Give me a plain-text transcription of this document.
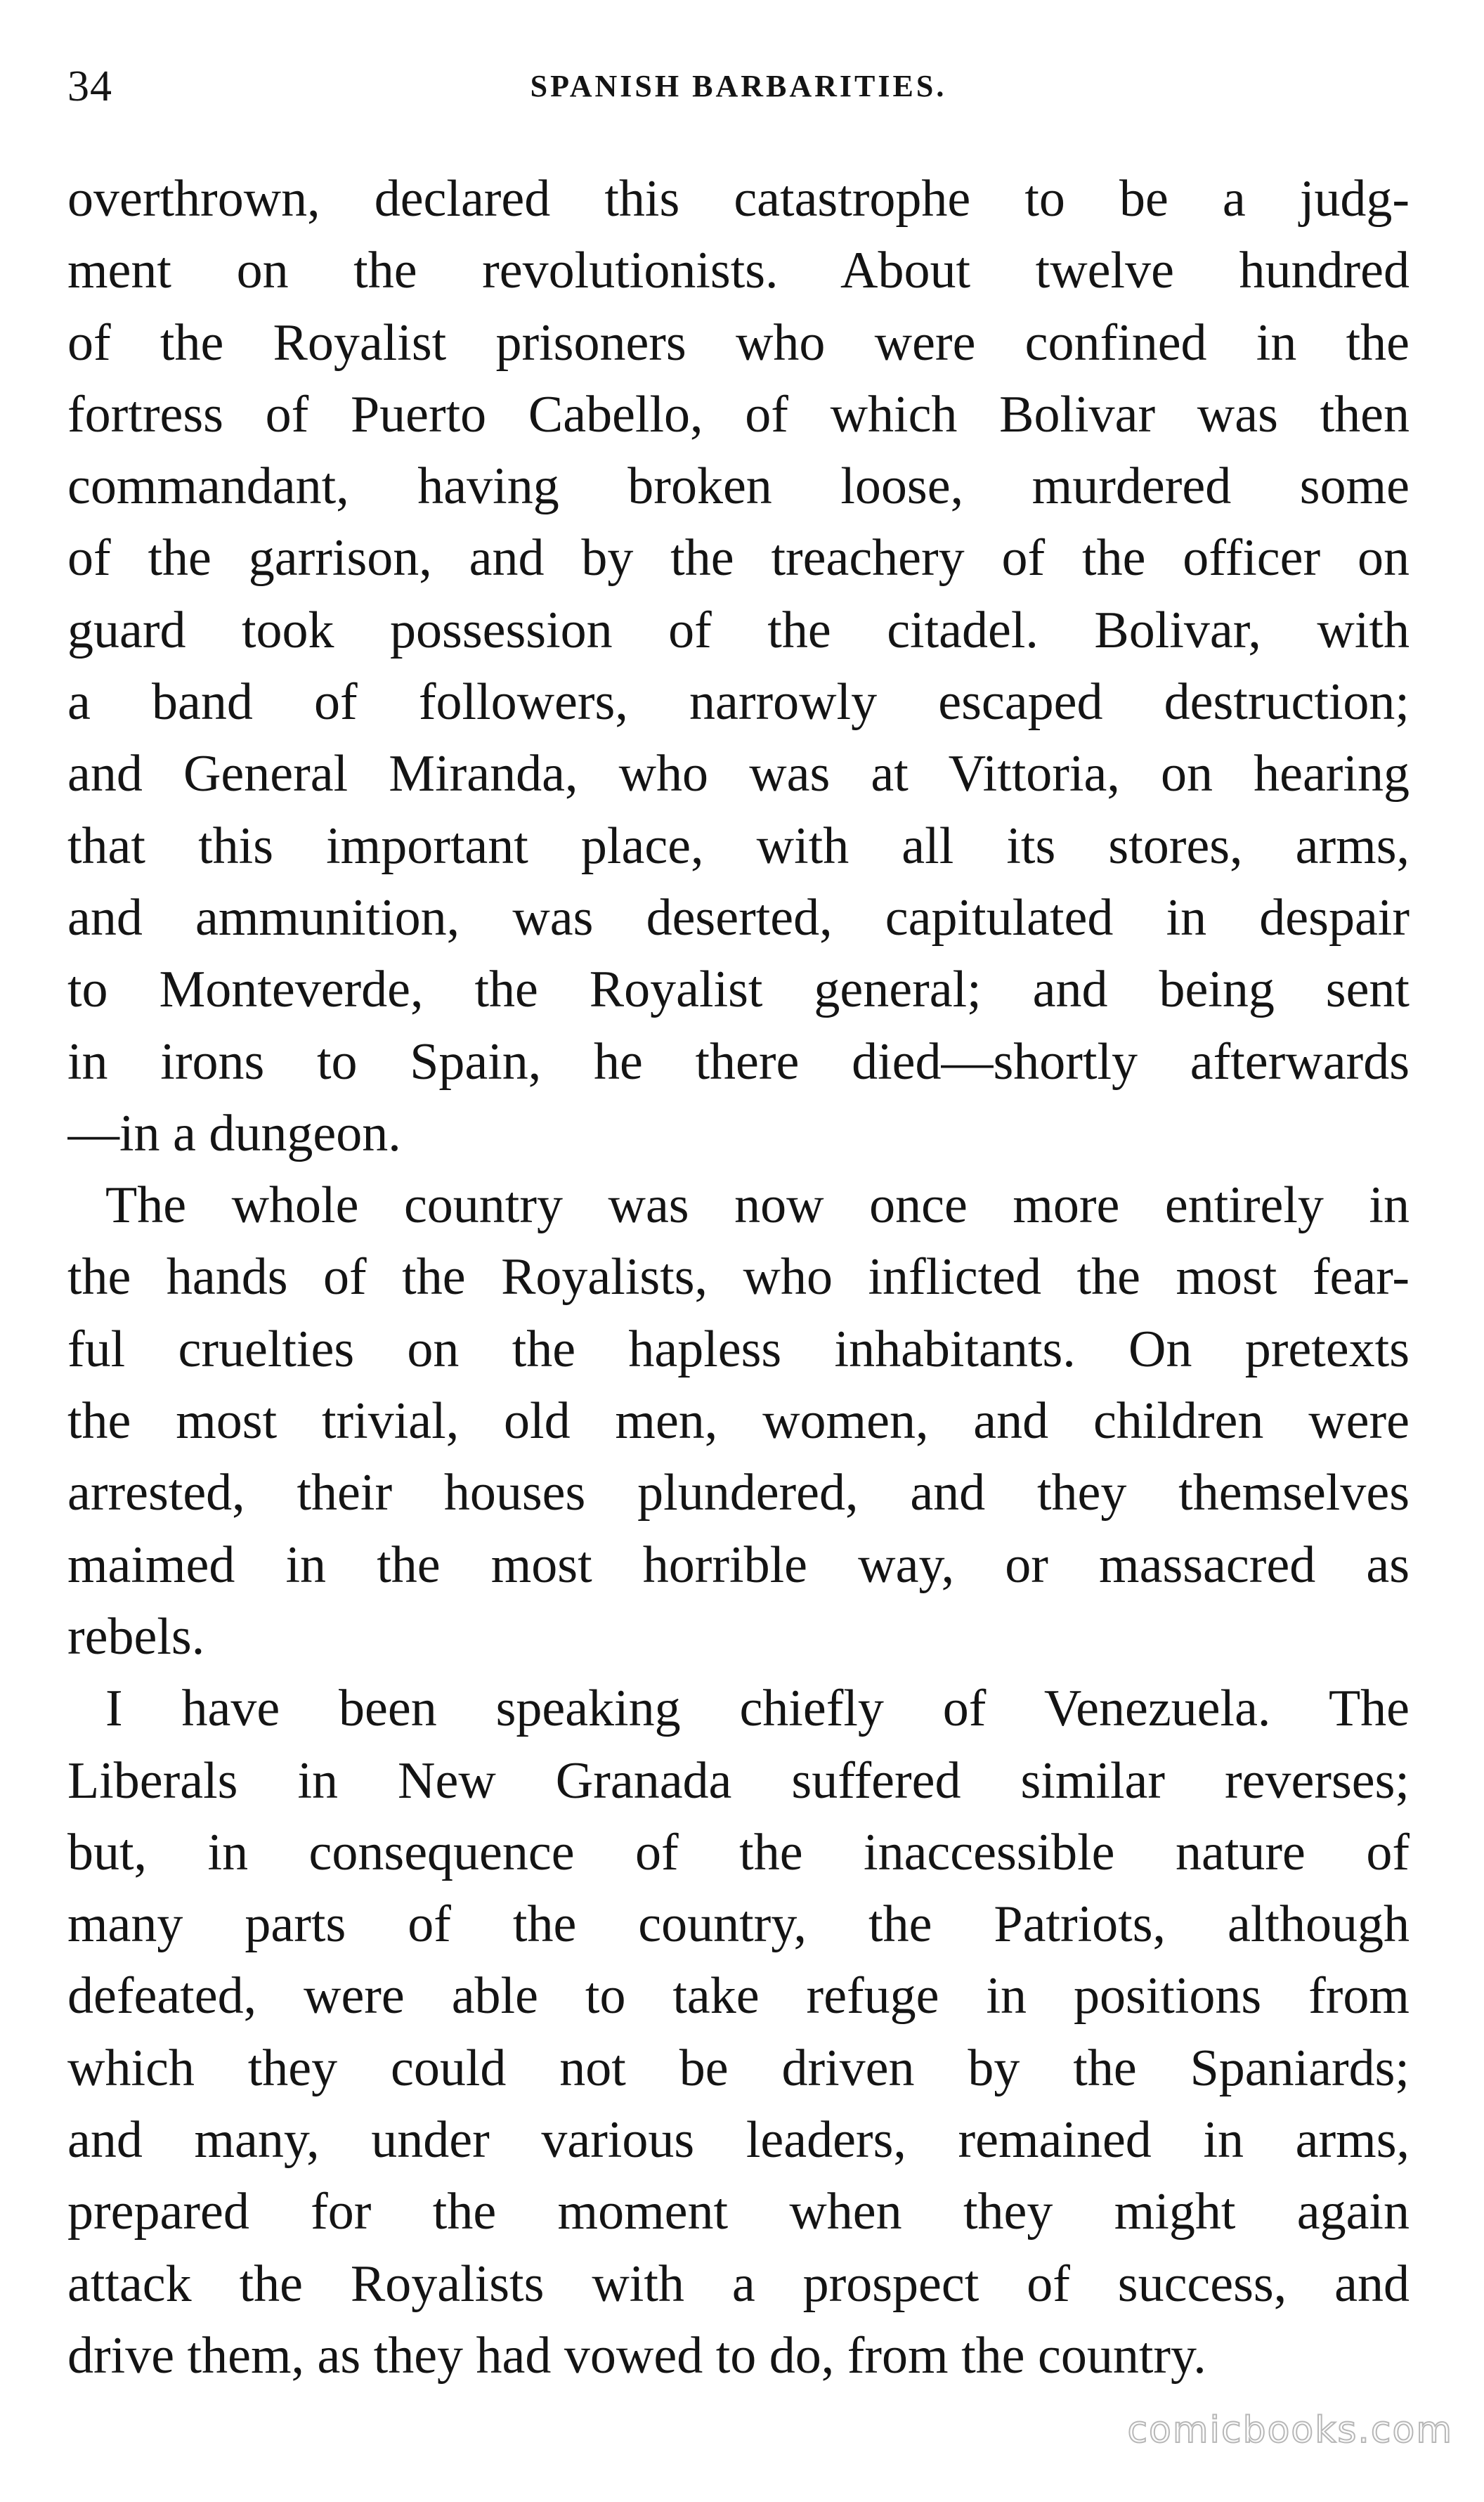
34	SPANISH BARBARITIES.
overthrown, declared this catastrophe to be a judg-
ment on the revolutionists. About twelve hundred
of the Royalist prisoners who were confined in the
fortress of Puerto Cabello, of which Bolivar was then
commandant, having broken loose, murdered some
of the garrison, and by the treachery of the officer on
guard took possession of the citadel. Bolivar, with
a band of followers, narrowly escaped destruction;
and General Miranda, who was at Vittoria, on hearing
that this important place, with all its stores, arms,
and ammunition, was deserted, capitulated in despair
to Monteverde, the Royalist general; and being sent
in irons to Spain, he there died—shortly afterwards
—in a dungeon.
The whole country was now once more entirely in
the hands of the Royalists, who inflicted the most fear-
ful cruelties on the hapless inhabitants. On pretexts
the most trivial, old men, women, and children were
arrested, their houses plundered, and they themselves
maimed in the most horrible way, or massacred as
rebels.
I have been speaking chiefly of Venezuela. The
Liberals in New Granada suffered similar reverses;
but, in consequence of the inaccessible nature of
many parts of the country, the Patriots, although
defeated, were able to take refuge in positions from
which they could not be driven by the Spaniards;
and many, under various leaders, remained in arms,
prepared for the moment when they might again
attack the Royalists with a prospect of success, and
drive them, as they had vowed to do, from the country.
comicbooks.com
